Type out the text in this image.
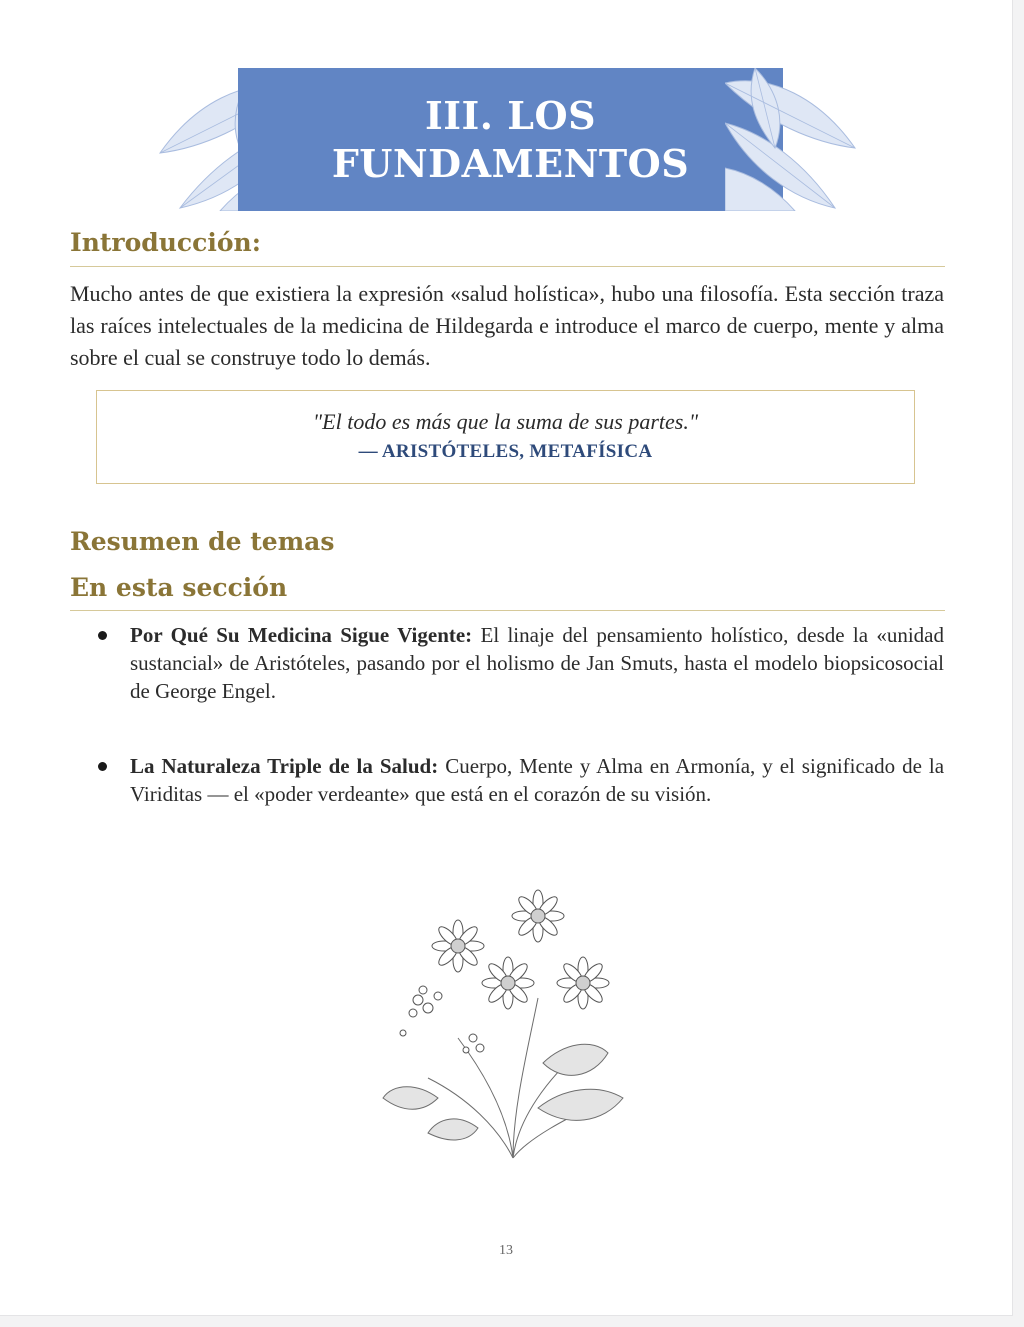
III. LOS FUNDAMENTOS
Introducción:

Mucho antes de que existiera la expresión «salud holística», hubo una filosofía. Esta sección traza las raíces intelectuales de la medicina de Hildegarda e introduce el marco de cuerpo, mente y alma sobre el cual se construye todo lo demás.

"El todo es más que la suma de sus partes."
— ARISTÓTELES, METAFÍSICA
Resumen de temas
En esta sección
Por Qué Su Medicina Sigue Vigente: El linaje del pensamiento holístico, desde la «unidad sustancial» de Aristóteles, pasando por el holismo de Jan Smuts, hasta el modelo biopsicosocial de George Engel.
La Naturaleza Triple de la Salud: Cuerpo, Mente y Alma en Armonía, y el significado de la Viriditas — el «poder verdeante» que está en el corazón de su visión.
13
